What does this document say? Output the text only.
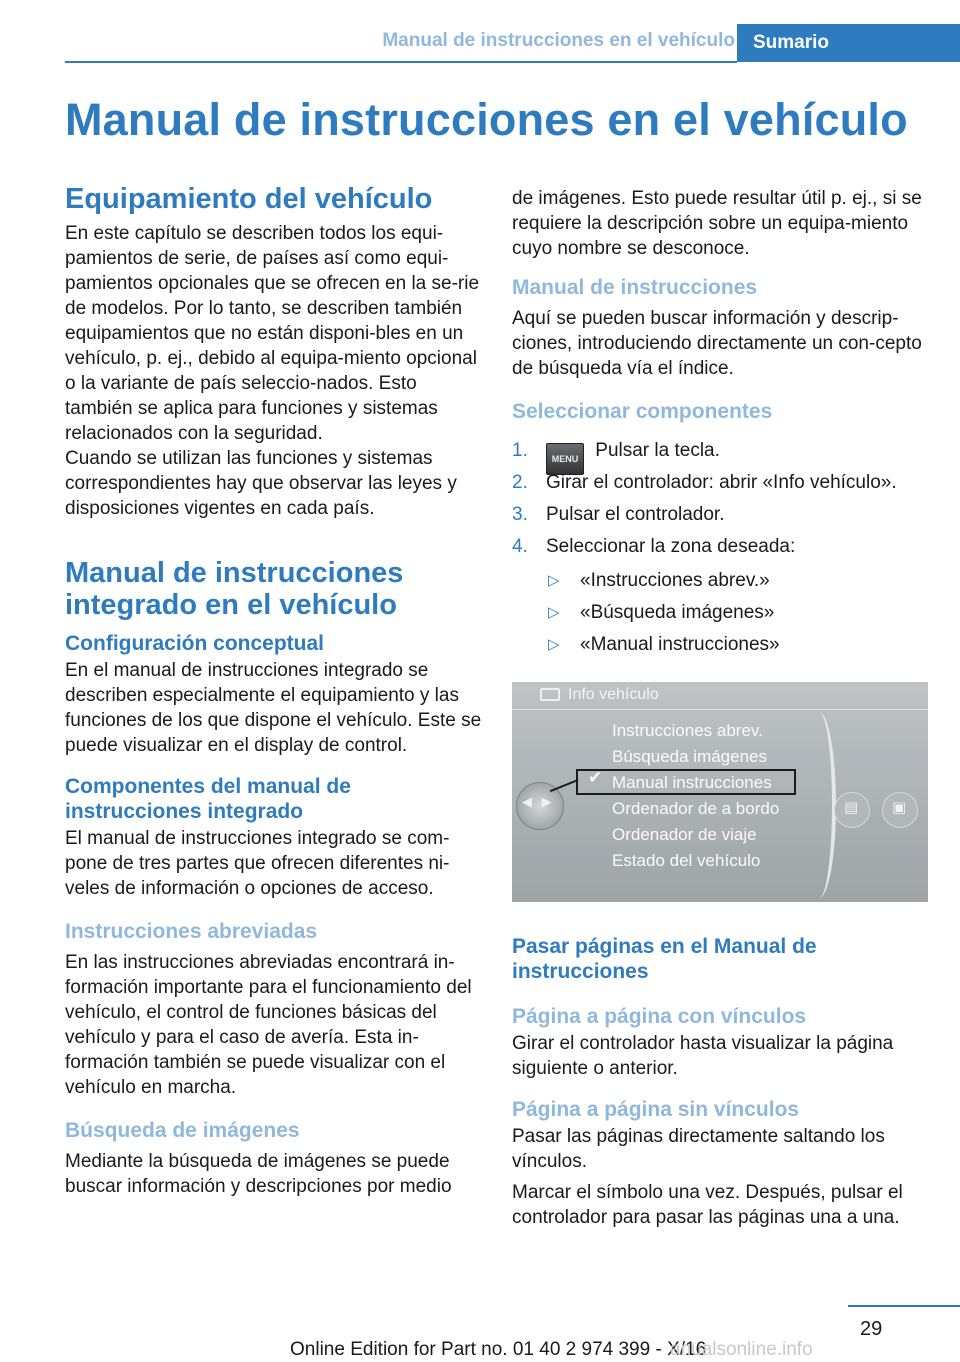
Manual de instrucciones en el vehículo Sumario
Manual de instrucciones en el vehículo
Equipamiento del vehículo

En este capítulo se describen todos los equi-pamientos de serie, de países así como equi-pamientos opcionales que se ofrecen en la se-rie de modelos. Por lo tanto, se describen también equipamientos que no están disponi-bles en un vehículo, p. ej., debido al equipa-miento opcional o la variante de país seleccio-nados. Esto también se aplica para funciones y sistemas relacionados con la seguridad.

Cuando se utilizan las funciones y sistemas correspondientes hay que observar las leyes y disposiciones vigentes en cada país.

Manual de instrucciones integrado en el vehículo
Configuración conceptual

En el manual de instrucciones integrado se describen especialmente el equipamiento y las funciones de los que dispone el vehículo. Este se puede visualizar en el display de control.

Componentes del manual de instrucciones integrado

El manual de instrucciones integrado se com-pone de tres partes que ofrecen diferentes ni-veles de información o opciones de acceso.

Instrucciones abreviadas

En las instrucciones abreviadas encontrará in-formación importante para el funcionamiento del vehículo, el control de funciones básicas del vehículo y para el caso de avería. Esta in-formación también se puede visualizar con el vehículo en marcha.

Búsqueda de imágenes

Mediante la búsqueda de imágenes se puede buscar información y descripciones por medio

de imágenes. Esto puede resultar útil p. ej., si se requiere la descripción sobre un equipa-miento cuyo nombre se desconoce.

Manual de instrucciones

Aquí se pueden buscar información y descrip-ciones, introduciendo directamente un con-cepto de búsqueda vía el índice.

Seleccionar componentes
1.	MENU Pulsar la tecla.
2. Girar el controlador: abrir «Info vehículo».
3. Pulsar el controlador.
4. Seleccionar la zona deseada:
▷ «Instrucciones abrev.»
▷ «Búsqueda imágenes»
▷ «Manual instrucciones»
Info vehículo
◀ ▶
✔
Instrucciones abrev.
Búsqueda imágenes
Manual instrucciones
Ordenador de a bordo
Ordenador de viaje
Estado del vehículo
▤ ▣
Pasar páginas en el Manual de instrucciones
Página a página con vínculos

Girar el controlador hasta visualizar la página siguiente o anterior.

Página a página sin vínculos

Pasar las páginas directamente saltando los vínculos.

Marcar el símbolo una vez. Después, pulsar el controlador para pasar las páginas una a una.

29
Online Edition for Part no. 01 40 2 974 399 - X/16
anualsonline.info
